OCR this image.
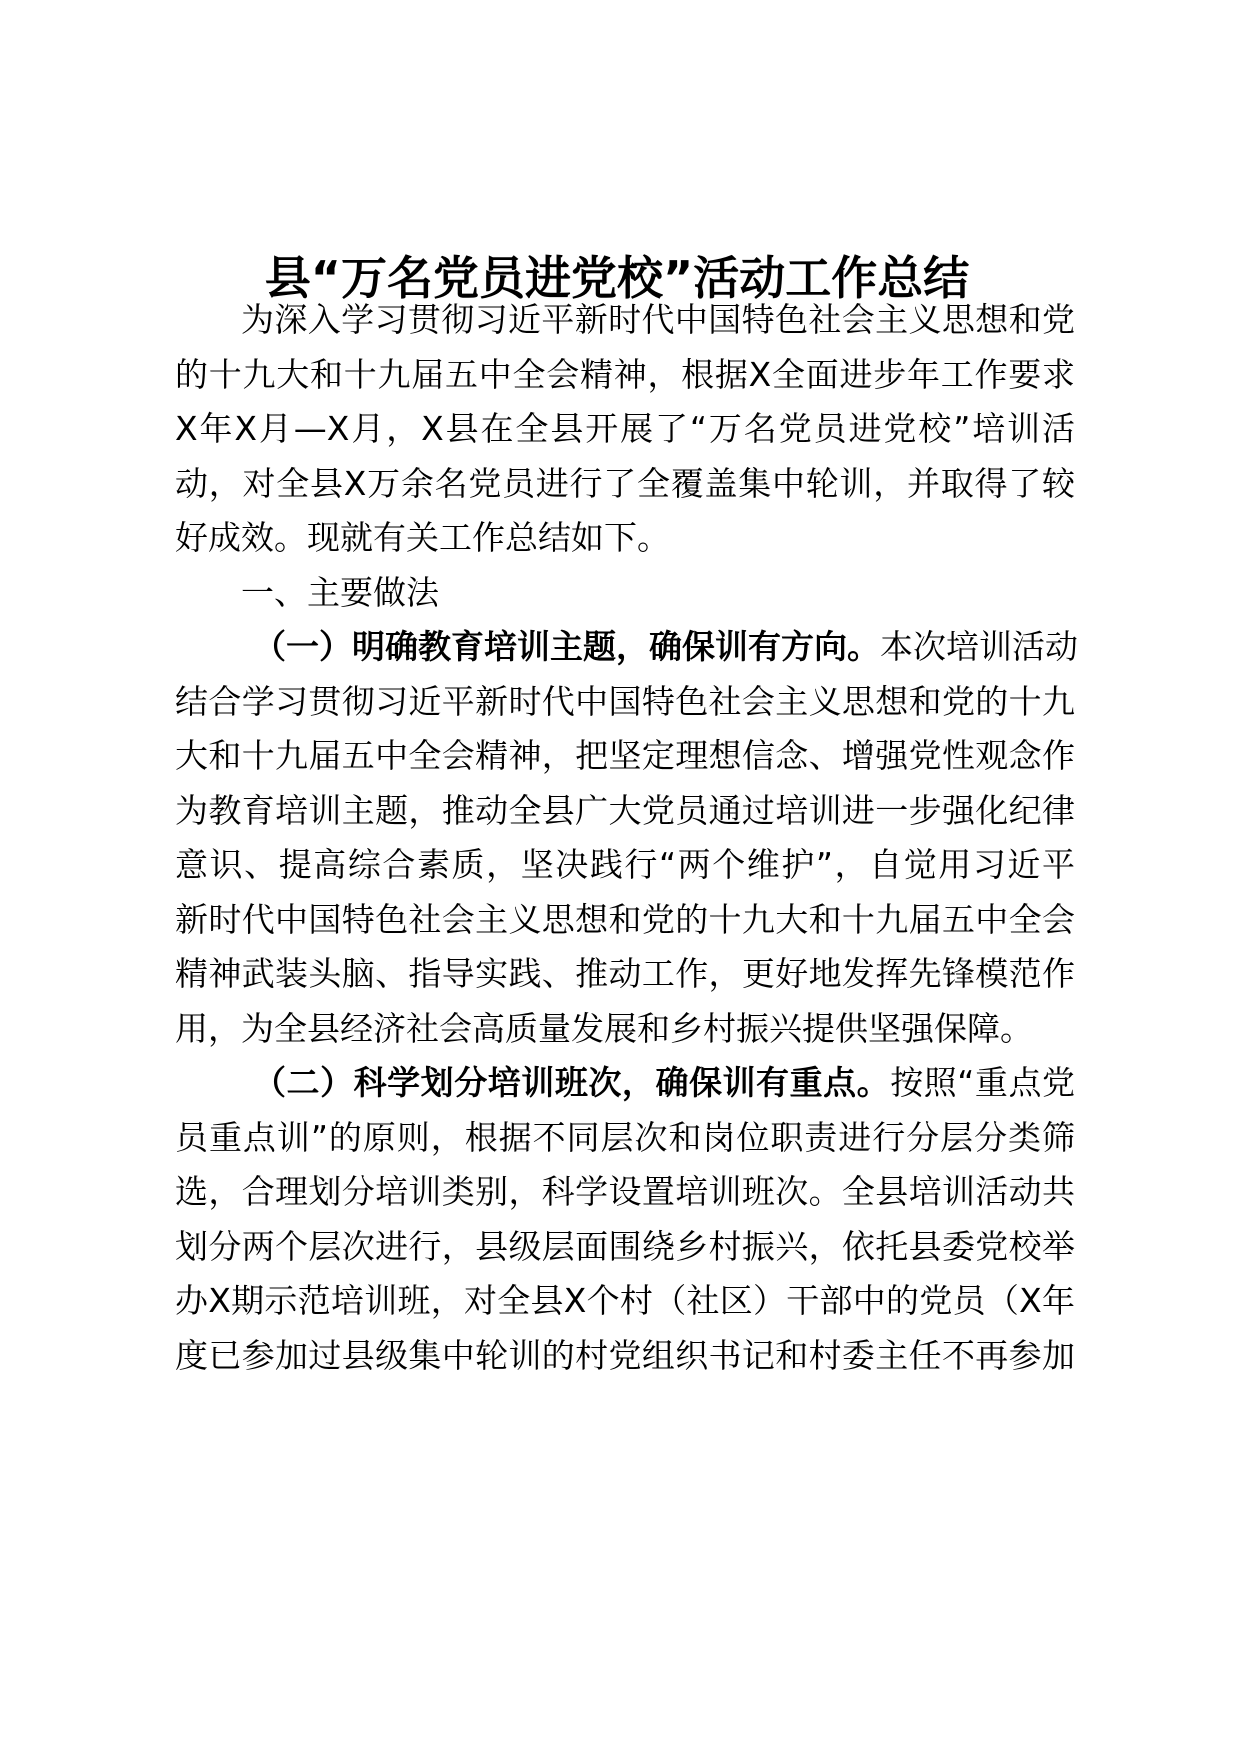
县“万名党员进党校”活动工作总结
为深入学习贯彻习近平新时代中国特色社会主义思想和党
的十九大和十九届五中全会精神，根据X全面进步年工作要求
X年X月—X月，X县在全县开展了“万名党员进党校”培训活
动，对全县X万余名党员进行了全覆盖集中轮训，并取得了较
好成效。现就有关工作总结如下。
一、主要做法
（一）明确教育培训主题，确保训有方向。本次培训活动
结合学习贯彻习近平新时代中国特色社会主义思想和党的十九
大和十九届五中全会精神，把坚定理想信念、增强党性观念作
为教育培训主题，推动全县广大党员通过培训进一步强化纪律
意识、提高综合素质，坚决践行“两个维护”，自觉用习近平
新时代中国特色社会主义思想和党的十九大和十九届五中全会
精神武装头脑、指导实践、推动工作，更好地发挥先锋模范作
用，为全县经济社会高质量发展和乡村振兴提供坚强保障。
（二）科学划分培训班次，确保训有重点。按照“重点党
员重点训”的原则，根据不同层次和岗位职责进行分层分类筛
选，合理划分培训类别，科学设置培训班次。全县培训活动共
划分两个层次进行，县级层面围绕乡村振兴，依托县委党校举
办X期示范培训班，对全县X个村（社区）干部中的党员（X年
度已参加过县级集中轮训的村党组织书记和村委主任不再参加
